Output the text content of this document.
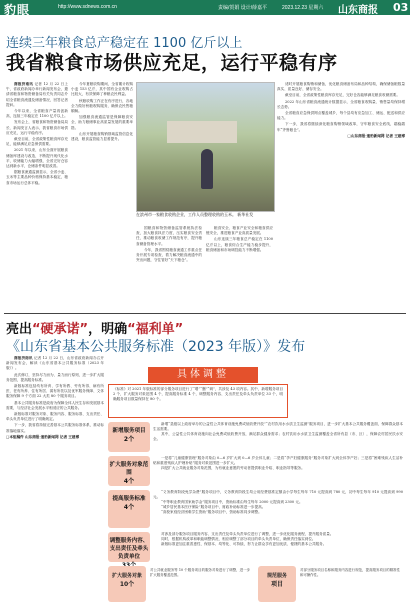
豹眼	http://www.sdnews.com.cn	责编/贺娟 设计/薛嘉平	2023.12.23 星期六 山东商报 03
连续三年粮食总产稳定在 1100 亿斤以上
我省粮食市场供应充足，运行平稳有序

商报济南讯 记者 12 月 22 日上午，省政府新闻办举行新闻发布会，邀请省粮食和物资储备局有关负责同志介绍全省粮食流通及储备情况，回答记者提问。

今年以来，全省粮食产量再创新高，连续三年稳定在 1100 亿斤以上。

发布会上，省粮食和物资储备局局长、新闻发言人表示，我省粮食市场供应充足，运行平稳有序。

截至目前，全省政策性粮食库存充足，能够满足应急保供需要。

2021 年以来，山东全面开展粮食储备库建设与改造，不断提升现代化水平，收储能力大幅增强，全省完好仓容达到新水平，仓储条件明显改善。

据粮食流通监测显示，全省小麦、玉米等主要品种价格保持基本稳定，粮食市场运行总体平稳。

今年夏粮收购期间，全省累计收购小麦 153 亿斤，其中国有企业收购占比较大，有效保障了种粮农民利益。

秋粮收购工作正在有序进行，各地全力做好秋粮收购服务，确保农民售粮顺畅。

加强粮食流通监管是保障粮食安全、助力粮储事业高质量发展的重要举措。

山东开展粮食购销领域监管信息化建设，粮食监管能力显著提升。

在滨州市一家粮食收购企业，工作人员整理收购的玉米。 新华社发

国粮食和物资储备监管系统执法检查，加大粮食执法力度，压实粮食安全责任，推动粮食收储工作规范有序，提升粮食储备管理水平。

今年，我省围绕粮食流通工作重点任务开展专项检查，着力解决粮食流通中的突出问题，守住管好“天下粮仓”。

粮食安全、粮食产业安全和粮食供应链安全，推进粮食产业高质量发展。

山东连续三年粮食总产稳定在 1100 亿斤以上，粮食综合生产能力稳步提升，粮食储备和市场调控能力不断增强。

适时开展粮食购销和储备，优化粮食储备布局和品种结构，确保储备粮数量真实、质量良好、储存安全。

截至目前，全省政策性粮食库存充足，完好仓容能够满足粮食收储需要。

2022 年山东省粮食流通统计数据显示，全省粮食收购量、销售量均保持增长态势。

全省粮食应急保供网点覆盖城乡，每个县均有应急加工、储运、配送和供应能力。

下一步，我省将继续深化粮食购销领域改革，守牢粮食安全底线，端稳端牢“齐鲁粮仓”。

□山东商报·速豹新闻网 记者 王建博

亮出“硬承诺”，明确“福利单”
《山东省基本公共服务标准（2023 年版）》发布

商报济南讯 记者 12 月 22 日，山东省政府新闻办召开新闻发布会，解读《山东省基本公共服务标准（2023 年版）》。

此次修订，坚持尽力而为、量力而行原则，进一步扩大服务范围，提高服务标准。

新版标准包括幼有所育、学有所教、劳有所得、病有所医、老有所养、住有所居、弱有所扶以及优军服务保障、文体服务保障 9 个方面 22 大类 80 个服务项目。

基本公共服务标准是政府为保障全体人民生存和发展基本需要，与经济社会发展水平相适应的公共服务。

新版标准对服务对象、服务内容、服务标准、支出责任、牵头负责单位进行了明确规定。

下一步，我省将持续完善基本公共服务标准体系，推动标准落地落实。

□本组稿件 山东商报·速豹新闻网 记者 王建博

具体调整
《标准》对 2021 年版标准的部分服务项目进行了“增”“删”“调”，共涉及 43 项内容。其中，新增服务项目 2 个，扩大服务对象范围 4 个，提高服务标准 4 个，调整服务内容、支出责任及牵头负责单位 33 个，明确服务项目数量保持在 80 个。
新增服务项目
2个

新增“县级以上政府举办的公益性公共体育设施免费或低收费开放”“农村饮用水水质卫生监测”服务项目，进一步扩大基本公共服务覆盖面，保障群众基本生活需要。

其中，公益性公共体育设施向社会免费或低收费开放，满足群众健身需求；农村饮用水水质卫生监测覆盖全省所有县（市、区），保障农村居民饮水安全。

扩大服务对象范围
4个

一是将“儿童健康管理”服务对象由 0—6 岁扩大到 0—6 岁全体儿童；二是将“孕产妇健康服务”服务对象扩大到全体孕产妇；三是将“困难残疾人生活补贴和重度残疾人护理补贴”服务对象范围进一步扩大。

四是扩大公共就业服务对象范围，为有就业意愿的劳动者提供职业介绍、职业指导等服务。

提高服务标准
4个

“义务教育阶段免学杂费”服务项目中，义务教育阶段生均公用经费基准定额由小学每生每年 710 元提高到 780 元，初中每生每年 910 元提高到 990 元。

“中等职业教育国家助学金”服务项目中，资助标准由每生每年 2000 元提高到 2300 元。

“城乡居民基本医疗保险”服务项目中，财政补助标准进一步提高。

“高校家庭经济困难学生资助”服务项目中，资助标准同步调整。

调整服务内容、支出责任及牵头负责单位

对涉及部分服务项目服务内容、支出责任及牵头负责单位进行了调整，进一步优化服务流程，提升服务质量。

同时，根据机构改革和职能调整情况，相应调整了部分项目的牵头负责单位，确保责任落实到位。

新版标准更加注重普惠性、保基本、均等化、可持续，努力让群众享有更加优质、便捷的基本公共服务。

扩大服务对象
10个
对公共就业服务等 10 个服务项目的服务对象进行了调整，进一步扩大服务覆盖范围。	规范服务
项目
对部分服务项目名称和服务内容进行规范，提高服务项目的精准性和可操作性。
